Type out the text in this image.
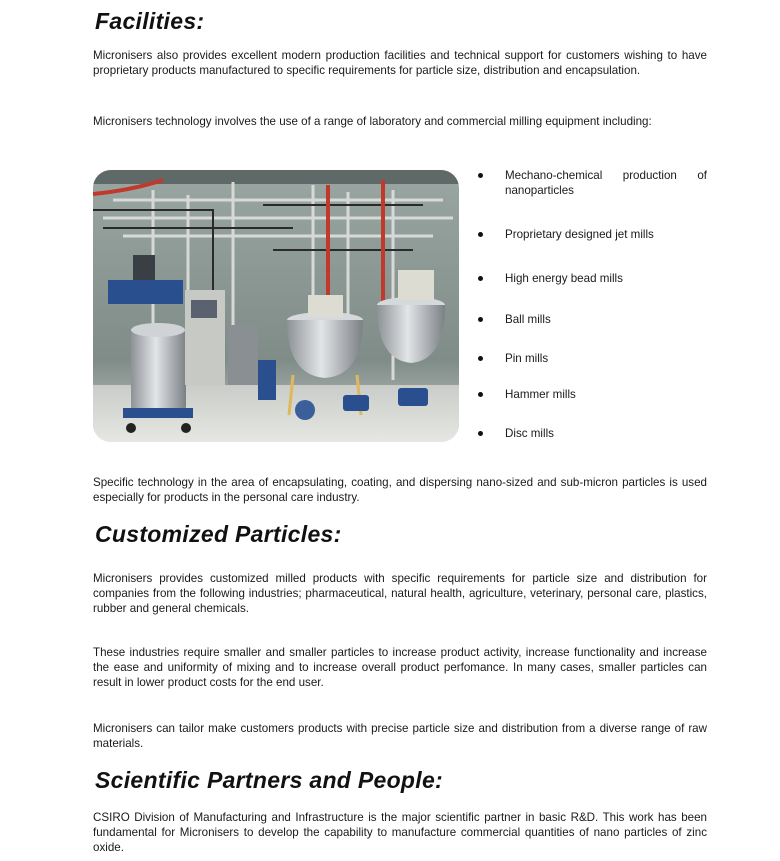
Facilities:

Micronisers also provides excellent modern production facilities and technical support for customers wishing to have proprietary products manufactured to specific requirements for particle size, distribution and encapsulation.

Micronisers technology involves the use of a range of laboratory and commercial milling equipment including:

Mechano-chemical production of nanoparticles
Proprietary designed jet mills
High energy bead mills
Ball mills
Pin mills
Hammer mills
Disc mills

Specific technology in the area of encapsulating, coating, and dispersing nano-sized and sub-micron particles is used especially for products in the personal care industry.

Customized Particles:

Micronisers provides customized milled products with specific requirements for particle size and distribution for companies from the following industries; pharmaceutical, natural health, agriculture, veterinary, personal care, plastics, rubber and general chemicals.

These industries require smaller and smaller particles to increase product activity, increase functionality and increase the ease and uniformity of mixing and to increase overall product perfomance. In many cases, smaller particles can result in lower product costs for the end user.

Micronisers can tailor make customers products with precise particle size and distribution from a diverse range of raw materials.

Scientific Partners and People:

CSIRO Division of Manufacturing and Infrastructure is the major scientific partner in basic R&D. This work has been fundamental for Micronisers to develop the capability to manufacture commercial quantities of nano particles of zinc oxide.
